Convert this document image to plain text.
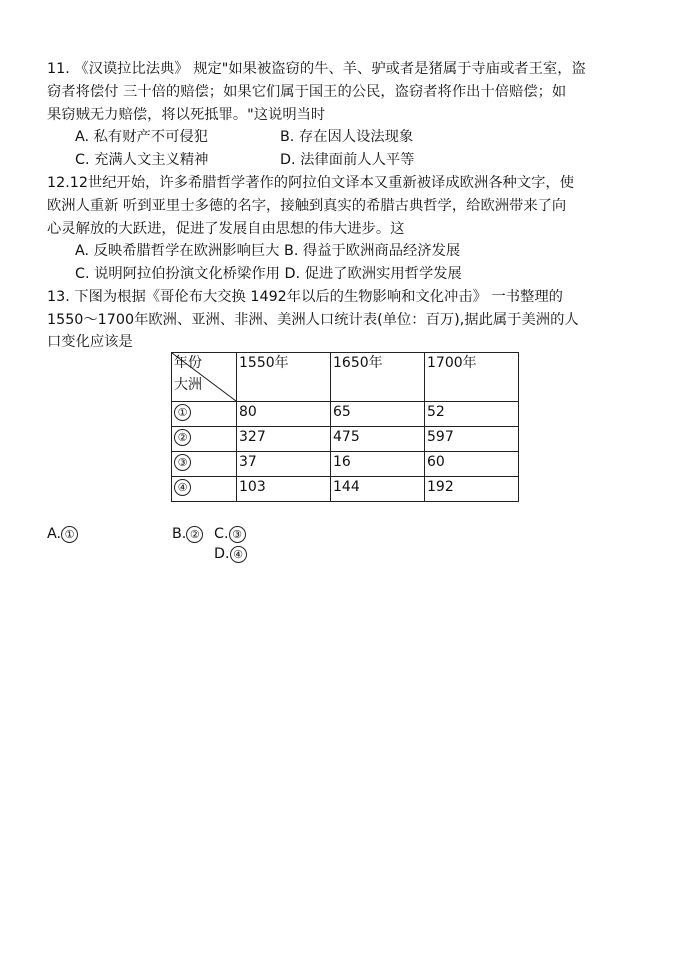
11. 《汉谟拉比法典》 规定"如果被盗窃的牛、羊、驴或者是猪属于寺庙或者王室，盗
窃者将偿付 三十倍的赔偿；如果它们属于国王的公民，盗窃者将作出十倍赔偿；如
果窃贼无力赔偿，将以死抵罪。"这说明当时
A. 私有财产不可侵犯	B. 存在因人设法现象
C. 充满人文主义精神	D. 法律面前人人平等
12.12世纪开始，许多希腊哲学著作的阿拉伯文译本又重新被译成欧洲各种文字，使
欧洲人重新 听到亚里士多德的名字，接触到真实的希腊古典哲学，给欧洲带来了向
心灵解放的大跃进，促进了发展自由思想的伟大进步。这
A. 反映希腊哲学在欧洲影响巨大 B. 得益于欧洲商品经济发展
C. 说明阿拉伯扮演文化桥梁作用 D. 促进了欧洲实用哲学发展
13. 下图为根据《哥伦布大交换 1492年以后的生物影响和文化冲击》 一书整理的
1550～1700年欧洲、亚洲、非洲、美洲人口统计表(单位：百万),据此属于美洲的人
口变化应该是
年份
大洲	1550年	1650年	1700年
①	80	65	52
②	327	475	597
③	37	16	60
④	103	144	192
A. ①	B. ② C. ③
D. ④
